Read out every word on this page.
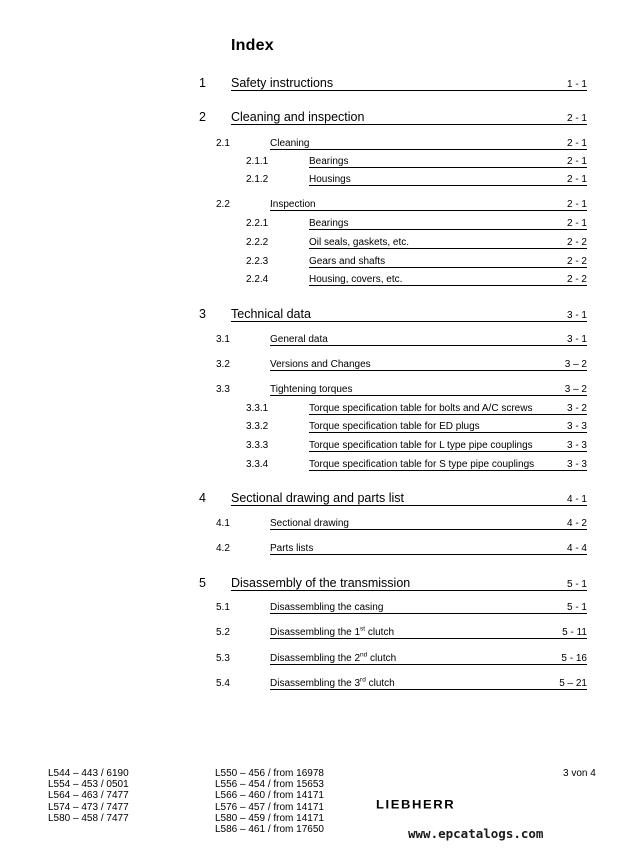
Index
1 Safety instructions	1 - 1
2 Cleaning and inspection	2 - 1
2.1	Cleaning	2 - 1
2.1.1	Bearings	2 - 1
2.1.2	Housings	2 - 1
2.2	Inspection	2 - 1
2.2.1	Bearings	2 - 1
2.2.2	Oil seals, gaskets, etc.	2 - 2
2.2.3	Gears and shafts	2 - 2
2.2.4	Housing, covers, etc.	2 - 2
3 Technical data	3 - 1
3.1	General data	3 - 1
3.2	Versions and Changes	3 – 2
3.3	Tightening torques	3 – 2
3.3.1	Torque specification table for bolts and A/C screws	3 - 2
3.3.2	Torque specification table for ED plugs	3 - 3
3.3.3	Torque specification table for L type pipe couplings	3 - 3
3.3.4	Torque specification table for S type pipe couplings	3 - 3
4 Sectional drawing and parts list	4 - 1
4.1	Sectional drawing	4 - 2
4.2	Parts lists	4 - 4
5 Disassembly of the transmission	5 - 1
5.1	Disassembling the casing	5 - 1
5.2	Disassembling the 1st clutch	5 - 11
5.3	Disassembling the 2nd clutch	5 - 16
5.4	Disassembling the 3rd clutch	5 – 21
L544 – 443 / 6190
L554 – 453 / 0501
L564 – 463 / 7477
L574 – 473 / 7477
L580 – 458 / 7477
L550 – 456 / from 16978
L556 – 454 / from 15653
L566 – 460 / from 14171
L576 – 457 / from 14171
L580 – 459 / from 14171
L586 – 461 / from 17650
3 von 4
LIEBHERR
www.epcatalogs.com
